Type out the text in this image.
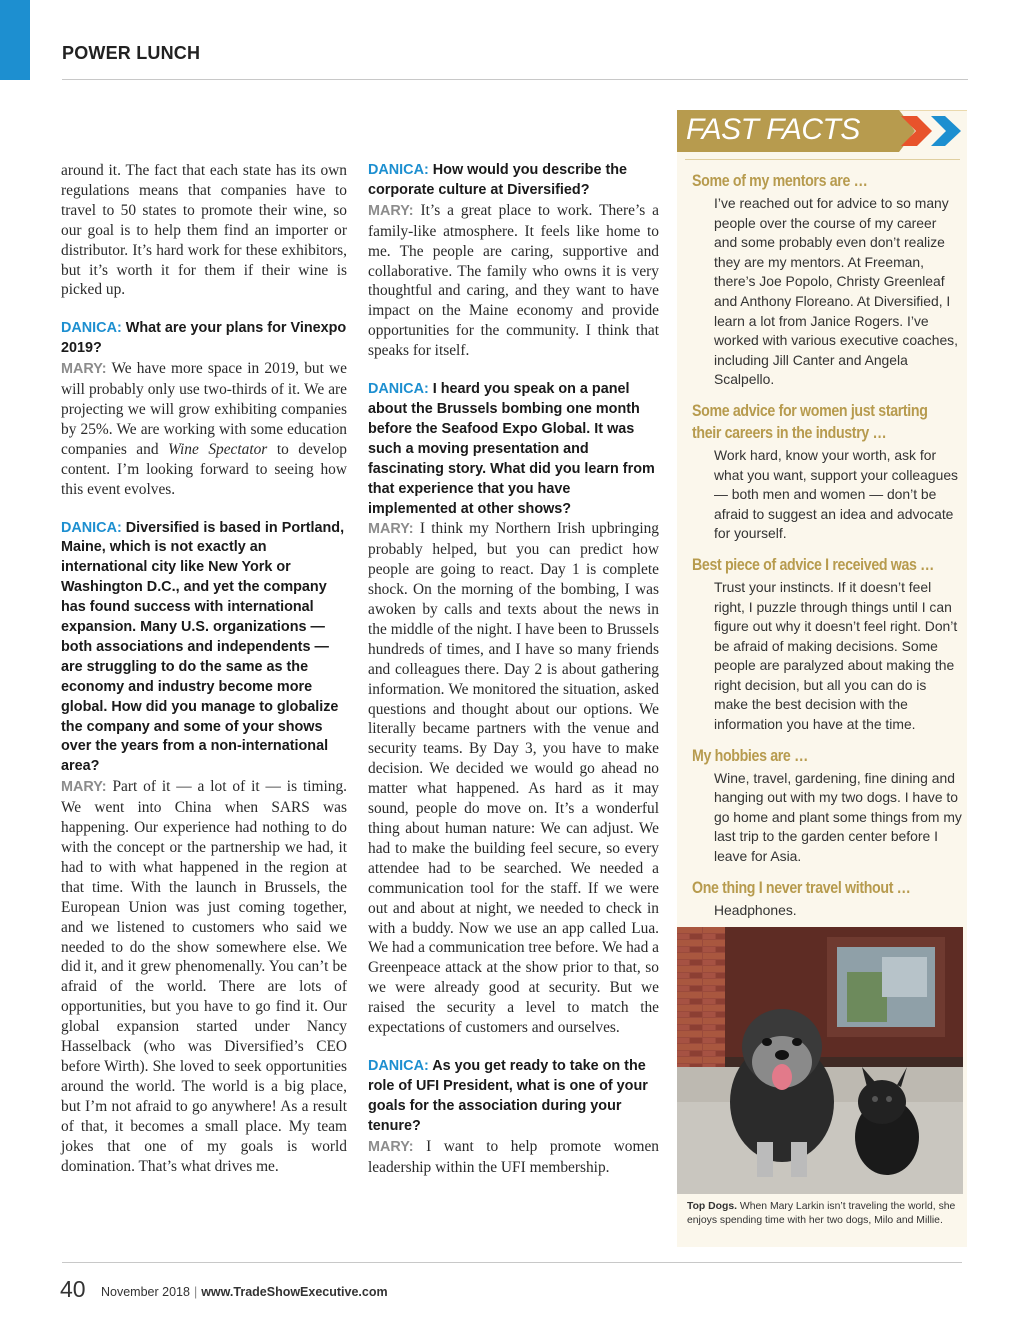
POWER LUNCH

around it. The fact that each state has its own regulations means that companies have to travel to 50 states to promote their wine, so our goal is to help them find an importer or distributor. It’s hard work for these exhibitors, but it’s worth it for them if their wine is picked up.

DANICA: What are your plans for Vinexpo 2019?

MARY: We have more space in 2019, but we will probably only use two-thirds of it. We are projecting we will grow exhibiting companies by 25%. We are working with some education companies and Wine Spectator to develop content. I’m looking forward to seeing how this event evolves.

DANICA: Diversified is based in Portland, Maine, which is not exactly an international city like New York or Washington D.C., and yet the company has found success with international expansion. Many U.S. organizations — both associations and independents — are struggling to do the same as the economy and industry become more global. How did you manage to globalize the company and some of your shows over the years from a non-international area?

MARY: Part of it — a lot of it — is timing. We went into China when SARS was happening. Our experience had nothing to do with the concept or the partnership we had, it had to with what happened in the region at that time. With the launch in Brussels, the European Union was just coming together, and we listened to customers who said we needed to do the show somewhere else. We did it, and it grew phenomenally. You can’t be afraid of the world. There are lots of opportunities, but you have to go find it. Our global expansion started under Nancy Hasselback (who was Diversified’s CEO before Wirth). She loved to seek opportunities around the world. The world is a big place, but I’m not afraid to go anywhere! As a result of that, it becomes a small place. My team jokes that one of my goals is world domination. That’s what drives me.

DANICA: How would you describe the corporate culture at Diversified?

MARY: It’s a great place to work. There’s a family-like atmosphere. It feels like home to me. The people are caring, supportive and collaborative. The family who owns it is very thoughtful and caring, and they want to have impact on the Maine economy and provide opportunities for the community. I think that speaks for itself.

DANICA: I heard you speak on a panel about the Brussels bombing one month before the Seafood Expo Global. It was such a moving presentation and fascinating story. What did you learn from that experience that you have implemented at other shows?

MARY: I think my Northern Irish upbringing probably helped, but you can predict how people are going to react. Day 1 is complete shock. On the morning of the bombing, I was awoken by calls and texts about the news in the middle of the night. I have been to Brussels hundreds of times, and I have so many friends and colleagues there. Day 2 is about gathering information. We monitored the situation, asked questions and thought about our options. We literally became partners with the venue and security teams. By Day 3, you have to make decision. We decided we would go ahead no matter what happened. As hard as it may sound, people do move on. It’s a wonderful thing about human nature: We can adjust. We had to make the building feel secure, so every attendee had to be searched. We needed a communication tool for the staff. If we were out and about at night, we needed to check in with a buddy. Now we use an app called Lua. We had a communication tree before. We had a Greenpeace attack at the show prior to that, so we were already good at security. But we raised the security a level to match the expectations of customers and ourselves.

DANICA: As you get ready to take on the role of UFI President, what is one of your goals for the association during your tenure?

MARY: I want to help promote women leadership within the UFI membership.

FAST FACTS
Some of my mentors are …
I’ve reached out for advice to so many people over the course of my career and some probably even don’t realize they are my mentors. At Freeman, there’s Joe Popolo, Christy Greenleaf and Anthony Floreano. At Diversified, I learn a lot from Janice Rogers. I’ve worked with various executive coaches, including Jill Canter and Angela Scalpello.
Some advice for women just starting their careers in the industry …
Work hard, know your worth, ask for what you want, support your colleagues — both men and women — don’t be afraid to suggest an idea and advocate for yourself.
Best piece of advice I received was …
Trust your instincts. If it doesn’t feel right, I puzzle through things until I can figure out why it doesn’t feel right. Don’t be afraid of making decisions. Some people are paralyzed about making the right decision, but all you can do is make the best decision with the information you have at the time.
My hobbies are …
Wine, travel, gardening, fine dining and hanging out with my two dogs. I have to go home and plant some things from my last trip to the garden center before I leave for Asia.
One thing I never travel without …
Headphones.
Top Dogs. When Mary Larkin isn’t traveling the world, she enjoys spending time with her two dogs, Milo and Millie.
40 November 2018 | www.TradeShowExecutive.com
